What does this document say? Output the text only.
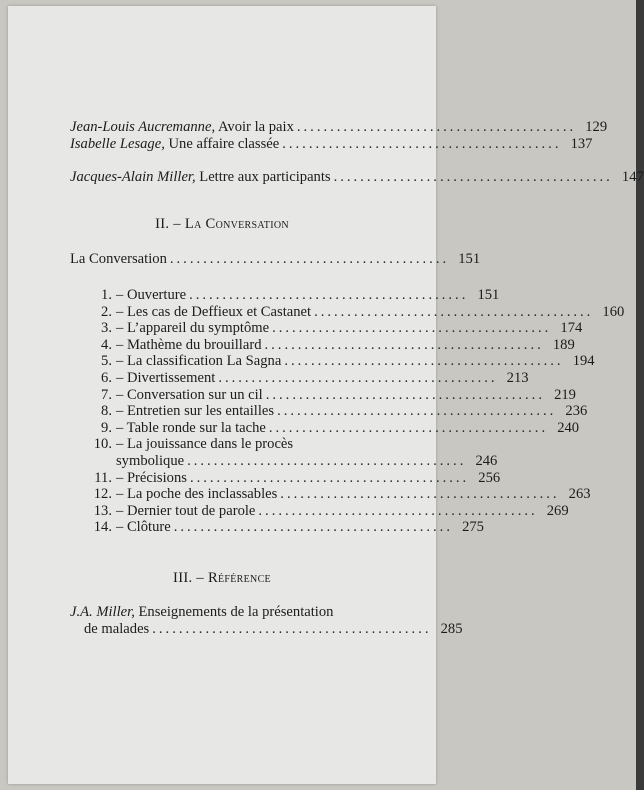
Jean-Louis Aucremanne, Avoir la paix .......................................... 129
Isabelle Lesage, Une affaire classée .......................................... 137
Jacques-Alain Miller, Lettre aux participants .......................................... 147
II. – La Conversation
La Conversation .......................................... 151
1. – Ouverture .......................................... 151
2. – Les cas de Deffieux et Castanet .......................................... 160
3. – L’appareil du symptôme .......................................... 174
4. – Mathème du brouillard .......................................... 189
5. – La classification La Sagna .......................................... 194
6. – Divertissement .......................................... 213
7. – Conversation sur un cil .......................................... 219
8. – Entretien sur les entailles .......................................... 236
9. – Table ronde sur la tache .......................................... 240
10. – La jouissance dans le procès
symbolique .......................................... 246
11. – Précisions .......................................... 256
12. – La poche des inclassables .......................................... 263
13. – Dernier tout de parole .......................................... 269
14. – Clôture .......................................... 275
III. – Référence
J.A. Miller, Enseignements de la présentation
de malades .......................................... 285
